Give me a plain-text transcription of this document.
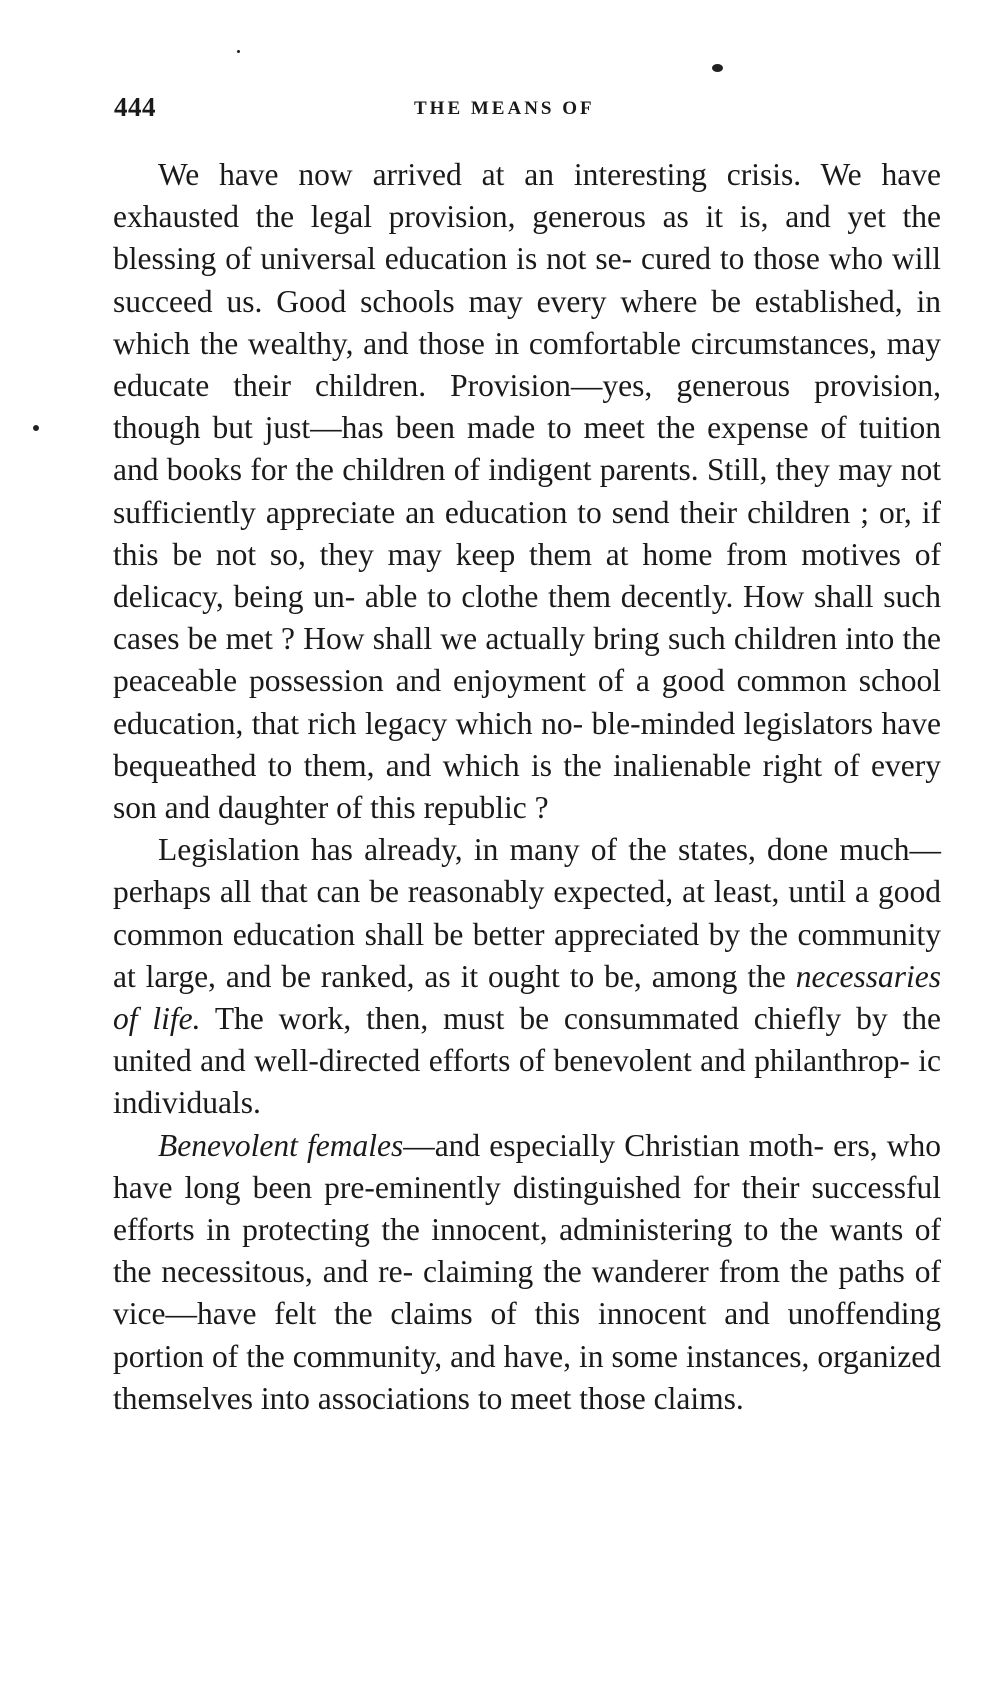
444	THE MEANS OF

We have now arrived at an interesting crisis. We have exhausted the legal provision, generous as it is, and yet the blessing of universal education is not se- cured to those who will succeed us. Good schools may every where be established, in which the wealthy, and those in comfortable circumstances, may educate their children. Provision—yes, generous provision, though but just—has been made to meet the expense of tuition and books for the children of indigent parents. Still, they may not sufficiently appreciate an education to send their children ; or, if this be not so, they may keep them at home from motives of delicacy, being un- able to clothe them decently. How shall such cases be met ? How shall we actually bring such children into the peaceable possession and enjoyment of a good common school education, that rich legacy which no- ble-minded legislators have bequeathed to them, and which is the inalienable right of every son and daughter of this republic ?

Legislation has already, in many of the states, done much—perhaps all that can be reasonably expected, at least, until a good common education shall be better appreciated by the community at large, and be ranked, as it ought to be, among the necessaries of life. The work, then, must be consummated chiefly by the united and well-directed efforts of benevolent and philanthrop- ic individuals.

Benevolent females—and especially Christian moth- ers, who have long been pre-eminently distinguished for their successful efforts in protecting the innocent, administering to the wants of the necessitous, and re- claiming the wanderer from the paths of vice—have felt the claims of this innocent and unoffending portion of the community, and have, in some instances, organized themselves into associations to meet those claims.
